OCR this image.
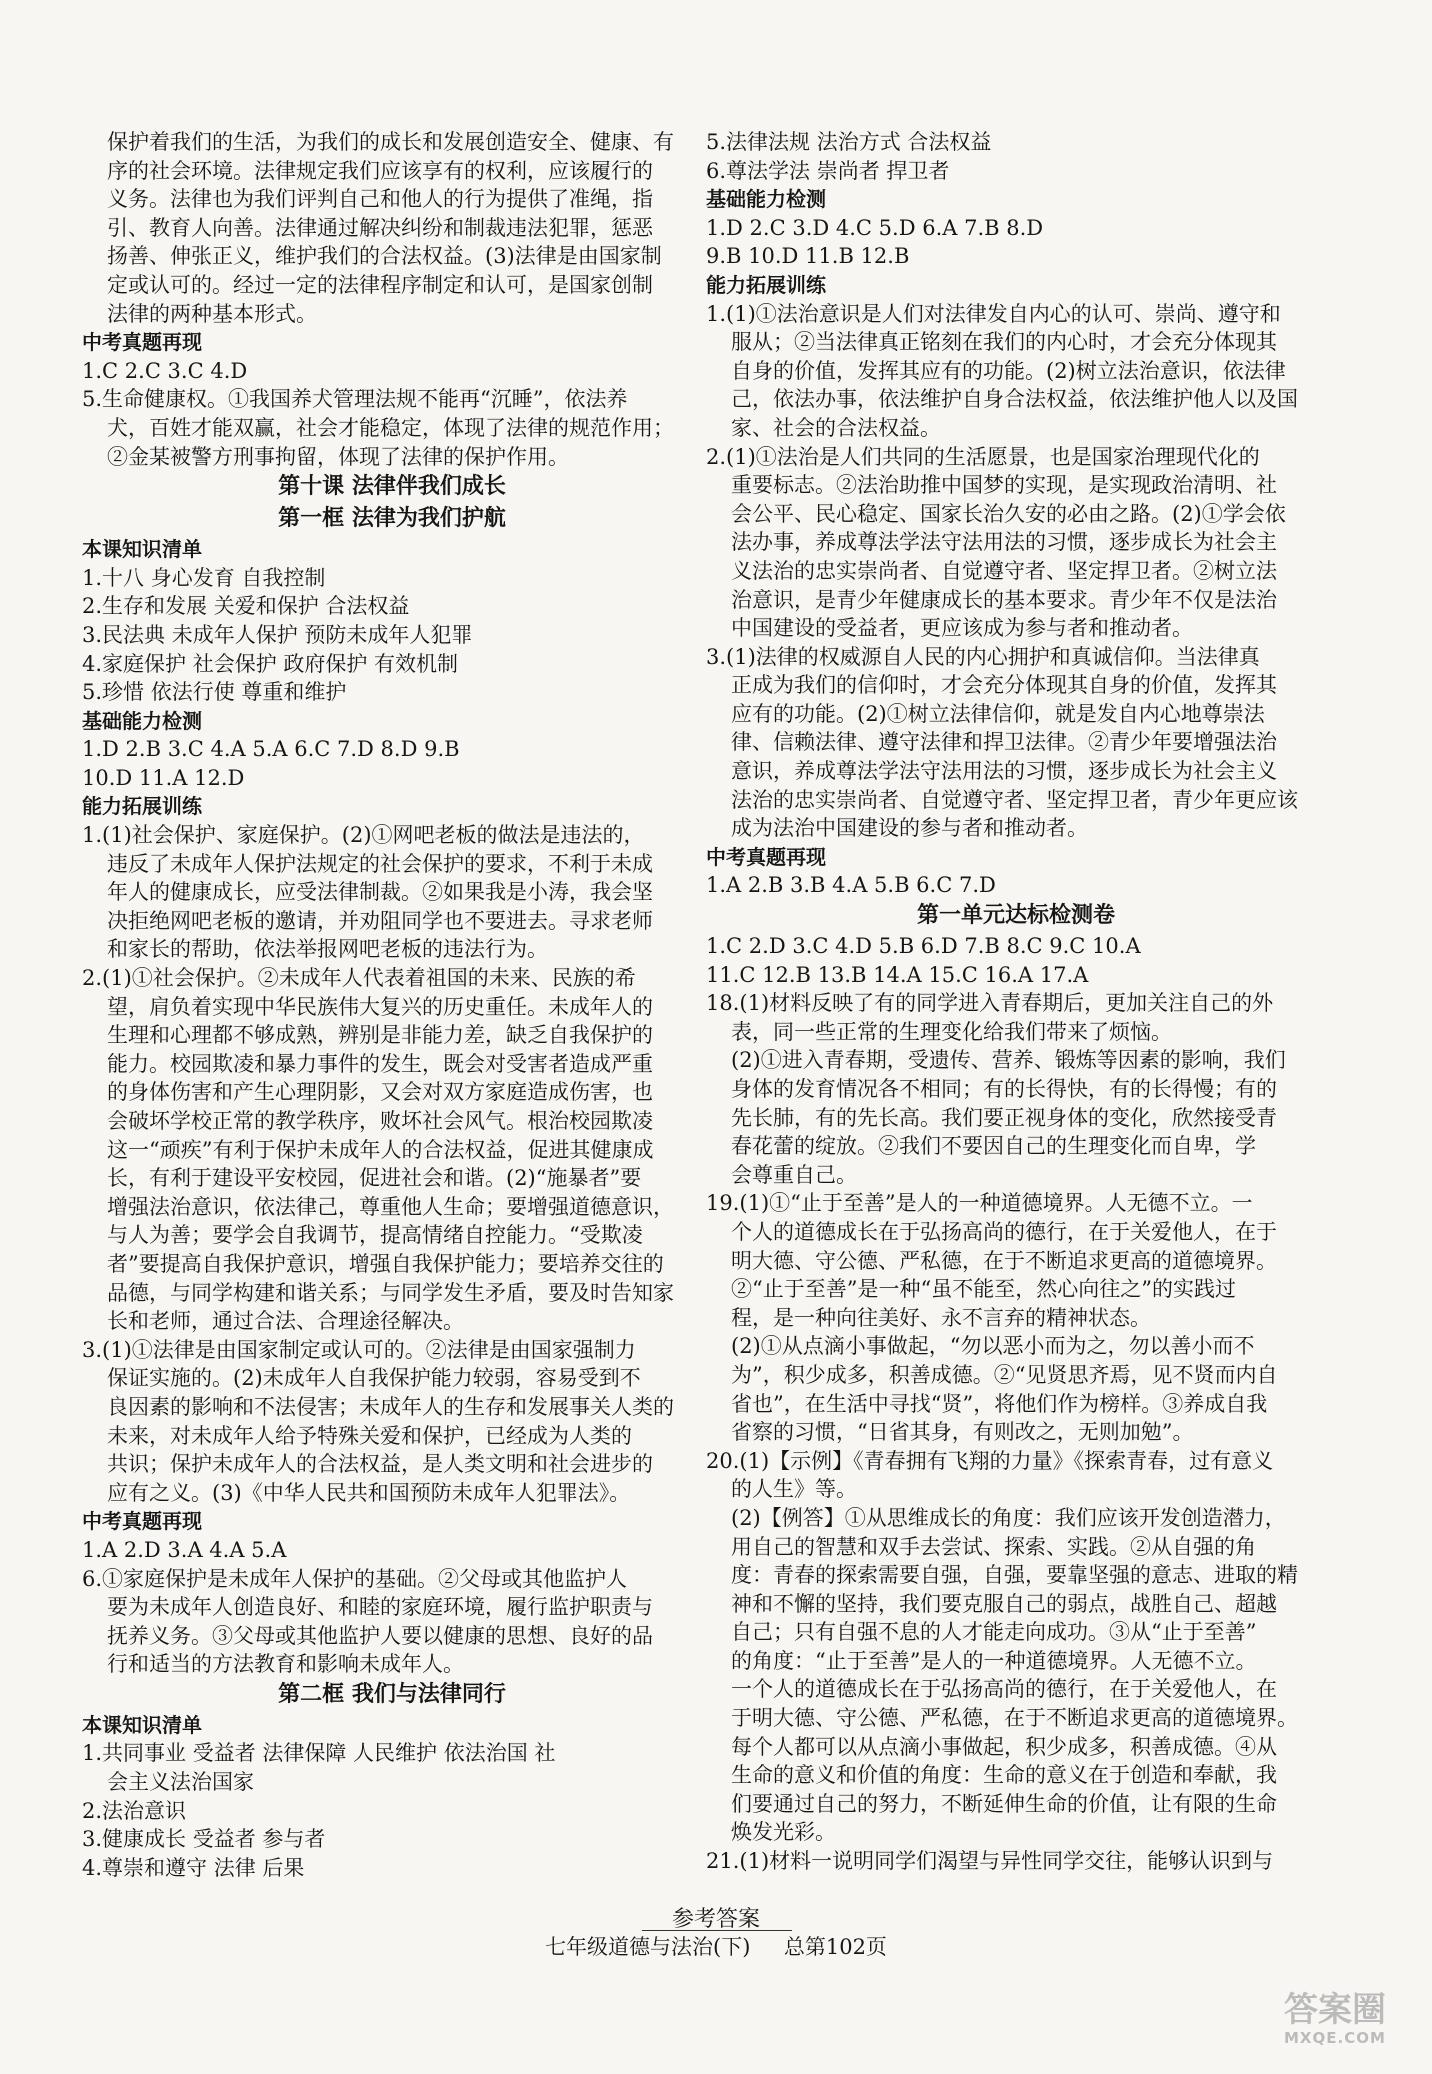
保护着我们的生活，为我们的成长和发展创造安全、健康、有
序的社会环境。法律规定我们应该享有的权利，应该履行的
义务。法律也为我们评判自己和他人的行为提供了准绳，指
引、教育人向善。法律通过解决纠纷和制裁违法犯罪，惩恶
扬善、伸张正义，维护我们的合法权益。(3)法律是由国家制
定或认可的。经过一定的法律程序制定和认可，是国家创制
法律的两种基本形式。
中考真题再现
1.C 2.C 3.C 4.D
5.生命健康权。①我国养犬管理法规不能再“沉睡”，依法养
犬，百姓才能双赢，社会才能稳定，体现了法律的规范作用；
②金某被警方刑事拘留，体现了法律的保护作用。
第十课 法律伴我们成长
第一框 法律为我们护航
本课知识清单
1.十八 身心发育 自我控制
2.生存和发展 关爱和保护 合法权益
3.民法典 未成年人保护 预防未成年人犯罪
4.家庭保护 社会保护 政府保护 有效机制
5.珍惜 依法行使 尊重和维护
基础能力检测
1.D 2.B 3.C 4.A 5.A 6.C 7.D 8.D 9.B
10.D 11.A 12.D
能力拓展训练
1.(1)社会保护、家庭保护。(2)①网吧老板的做法是违法的，
违反了未成年人保护法规定的社会保护的要求，不利于未成
年人的健康成长，应受法律制裁。②如果我是小涛，我会坚
决拒绝网吧老板的邀请，并劝阻同学也不要进去。寻求老师
和家长的帮助，依法举报网吧老板的违法行为。
2.(1)①社会保护。②未成年人代表着祖国的未来、民族的希
望，肩负着实现中华民族伟大复兴的历史重任。未成年人的
生理和心理都不够成熟，辨别是非能力差，缺乏自我保护的
能力。校园欺凌和暴力事件的发生，既会对受害者造成严重
的身体伤害和产生心理阴影，又会对双方家庭造成伤害，也
会破坏学校正常的教学秩序，败坏社会风气。根治校园欺凌
这一“顽疾”有利于保护未成年人的合法权益，促进其健康成
长，有利于建设平安校园，促进社会和谐。(2)“施暴者”要
增强法治意识，依法律己，尊重他人生命；要增强道德意识，
与人为善；要学会自我调节，提高情绪自控能力。“受欺凌
者”要提高自我保护意识，增强自我保护能力；要培养交往的
品德，与同学构建和谐关系；与同学发生矛盾，要及时告知家
长和老师，通过合法、合理途径解决。
3.(1)①法律是由国家制定或认可的。②法律是由国家强制力
保证实施的。(2)未成年人自我保护能力较弱，容易受到不
良因素的影响和不法侵害；未成年人的生存和发展事关人类的
未来，对未成年人给予特殊关爱和保护，已经成为人类的
共识；保护未成年人的合法权益，是人类文明和社会进步的
应有之义。(3)《中华人民共和国预防未成年人犯罪法》。
中考真题再现
1.A 2.D 3.A 4.A 5.A
6.①家庭保护是未成年人保护的基础。②父母或其他监护人
要为未成年人创造良好、和睦的家庭环境，履行监护职责与
抚养义务。③父母或其他监护人要以健康的思想、良好的品
行和适当的方法教育和影响未成年人。
第二框 我们与法律同行
本课知识清单
1.共同事业 受益者 法律保障 人民维护 依法治国 社
会主义法治国家
2.法治意识
3.健康成长 受益者 参与者
4.尊崇和遵守 法律 后果
5.法律法规 法治方式 合法权益
6.尊法学法 崇尚者 捍卫者
基础能力检测
1.D 2.C 3.D 4.C 5.D 6.A 7.B 8.D
9.B 10.D 11.B 12.B
能力拓展训练
1.(1)①法治意识是人们对法律发自内心的认可、崇尚、遵守和
服从；②当法律真正铭刻在我们的内心时，才会充分体现其
自身的价值，发挥其应有的功能。(2)树立法治意识，依法律
己，依法办事，依法维护自身合法权益，依法维护他人以及国
家、社会的合法权益。
2.(1)①法治是人们共同的生活愿景，也是国家治理现代化的
重要标志。②法治助推中国梦的实现，是实现政治清明、社
会公平、民心稳定、国家长治久安的必由之路。(2)①学会依
法办事，养成尊法学法守法用法的习惯，逐步成长为社会主
义法治的忠实崇尚者、自觉遵守者、坚定捍卫者。②树立法
治意识，是青少年健康成长的基本要求。青少年不仅是法治
中国建设的受益者，更应该成为参与者和推动者。
3.(1)法律的权威源自人民的内心拥护和真诚信仰。当法律真
正成为我们的信仰时，才会充分体现其自身的价值，发挥其
应有的功能。(2)①树立法律信仰，就是发自内心地尊崇法
律、信赖法律、遵守法律和捍卫法律。②青少年要增强法治
意识，养成尊法学法守法用法的习惯，逐步成长为社会主义
法治的忠实崇尚者、自觉遵守者、坚定捍卫者，青少年更应该
成为法治中国建设的参与者和推动者。
中考真题再现
1.A 2.B 3.B 4.A 5.B 6.C 7.D
第一单元达标检测卷
1.C 2.D 3.C 4.D 5.B 6.D 7.B 8.C 9.C 10.A
11.C 12.B 13.B 14.A 15.C 16.A 17.A
18.(1)材料反映了有的同学进入青春期后，更加关注自己的外
表，同一些正常的生理变化给我们带来了烦恼。
(2)①进入青春期，受遗传、营养、锻炼等因素的影响，我们
身体的发育情况各不相同；有的长得快，有的长得慢；有的
先长肺，有的先长高。我们要正视身体的变化，欣然接受青
春花蕾的绽放。②我们不要因自己的生理变化而自卑，学
会尊重自己。
19.(1)①“止于至善”是人的一种道德境界。人无德不立。一
个人的道德成长在于弘扬高尚的德行，在于关爱他人，在于
明大德、守公德、严私德，在于不断追求更高的道德境界。
②“止于至善”是一种“虽不能至，然心向往之”的实践过
程，是一种向往美好、永不言弃的精神状态。
(2)①从点滴小事做起，“勿以恶小而为之，勿以善小而不
为”，积少成多，积善成德。②“见贤思齐焉，见不贤而内自
省也”，在生活中寻找“贤”，将他们作为榜样。③养成自我
省察的习惯，“日省其身，有则改之，无则加勉”。
20.(1)【示例】《青春拥有飞翔的力量》《探索青春，过有意义
的人生》等。
(2)【例答】①从思维成长的角度：我们应该开发创造潜力，
用自己的智慧和双手去尝试、探索、实践。②从自强的角
度：青春的探索需要自强，自强，要靠坚强的意志、进取的精
神和不懈的坚持，我们要克服自己的弱点，战胜自己、超越
自己；只有自强不息的人才能走向成功。③从“止于至善”
的角度：“止于至善”是人的一种道德境界。人无德不立。
一个人的道德成长在于弘扬高尚的德行，在于关爱他人，在
于明大德、守公德、严私德，在于不断追求更高的道德境界。
每个人都可以从点滴小事做起，积少成多，积善成德。④从
生命的意义和价值的角度：生命的意义在于创造和奉献，我
们要通过自己的努力，不断延伸生命的价值，让有限的生命
焕发光彩。
21.(1)材料一说明同学们渴望与异性同学交往，能够认识到与
参考答案
七年级道德与法治(下) 总第102页
答案圈
MXQE.COM
